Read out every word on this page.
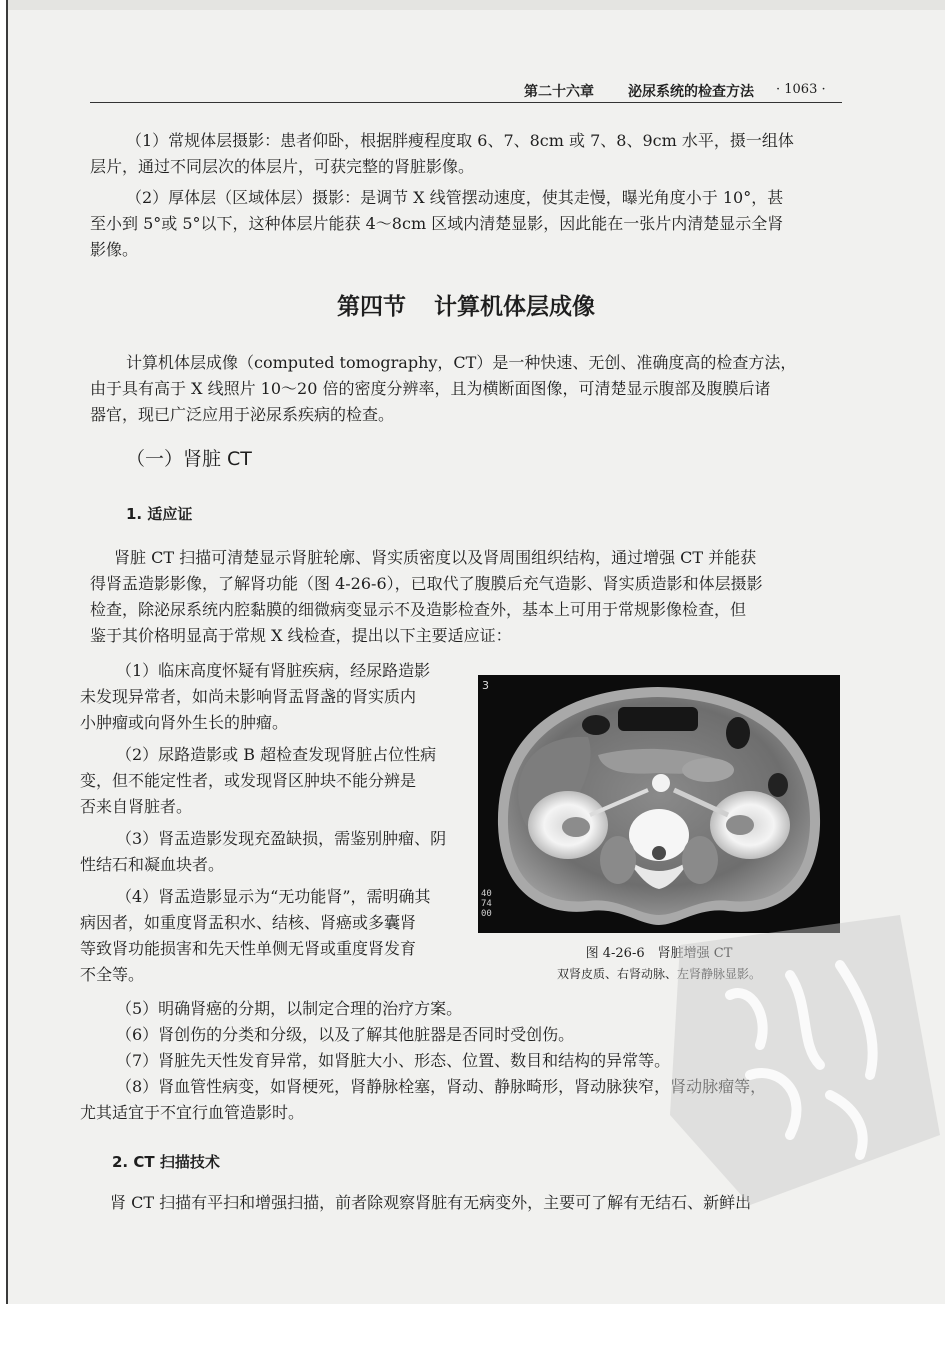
第二十六章 泌尿系统的检查方法 · 1063 ·

（1）常规体层摄影：患者仰卧，根据胖瘦程度取 6、7、8cm 或 7、8、9cm 水平，摄一组体
层片，通过不同层次的体层片，可获完整的肾脏影像。

（2）厚体层（区域体层）摄影：是调节 X 线管摆动速度，使其走慢，曝光角度小于 10°，甚
至小到 5°或 5°以下，这种体层片能获 4～8cm 区域内清楚显影，因此能在一张片内清楚显示全肾
影像。

第四节 计算机体层成像

计算机体层成像（computed tomography，CT）是一种快速、无创、准确度高的检查方法，
由于具有高于 X 线照片 10～20 倍的密度分辨率，且为横断面图像，可清楚显示腹部及腹膜后诸
器官，现已广泛应用于泌尿系疾病的检查。

（一）肾脏 CT
1. 适应证

肾脏 CT 扫描可清楚显示肾脏轮廓、肾实质密度以及肾周围组织结构，通过增强 CT 并能获
得肾盂造影影像，了解肾功能（图 4-26-6），已取代了腹膜后充气造影、肾实质造影和体层摄影
检查，除泌尿系统内腔黏膜的细微病变显示不及造影检查外，基本上可用于常规影像检查，但
鉴于其价格明显高于常规 X 线检查，提出以下主要适应证：

（1）临床高度怀疑有肾脏疾病，经尿路造影
未发现异常者，如尚未影响肾盂肾盏的肾实质内
小肿瘤或向肾外生长的肿瘤。

（2）尿路造影或 B 超检查发现肾脏占位性病
变，但不能定性者，或发现肾区肿块不能分辨是
否来自肾脏者。

（3）肾盂造影发现充盈缺损，需鉴别肿瘤、阴
性结石和凝血块者。

（4）肾盂造影显示为“无功能肾”，需明确其
病因者，如重度肾盂积水、结核、肾癌或多囊肾
等致肾功能损害和先天性单侧无肾或重度肾发育
不全等。

3
40
74
00
图 4-26-6　肾脏增强 CT
双肾皮质、右肾动脉、左肾静脉显影。

（5）明确肾癌的分期，以制定合理的治疗方案。

（6）肾创伤的分类和分级，以及了解其他脏器是否同时受创伤。

（7）肾脏先天性发育异常，如肾脏大小、形态、位置、数目和结构的异常等。

（8）肾血管性病变，如肾梗死，肾静脉栓塞，肾动、静脉畸形，肾动脉狭窄，肾动脉瘤等，
尤其适宜于不宜行血管造影时。

2. CT 扫描技术

肾 CT 扫描有平扫和增强扫描，前者除观察肾脏有无病变外，主要可了解有无结石、新鲜出
